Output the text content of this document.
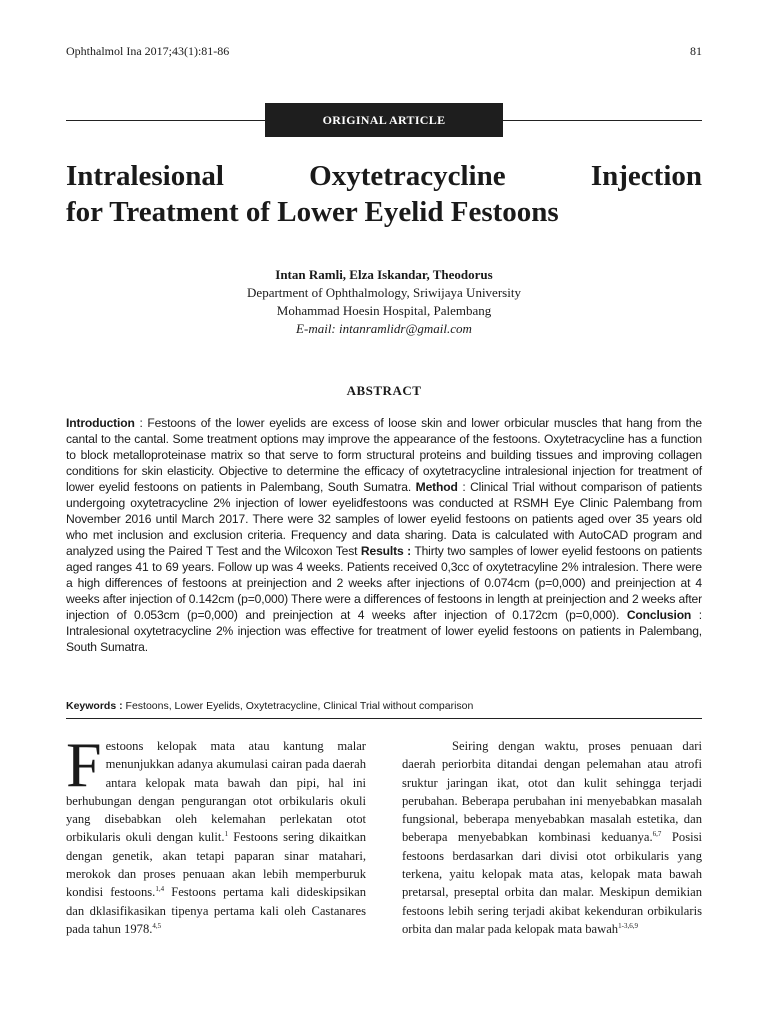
Ophthalmol Ina 2017;43(1):81-86	81
ORIGINAL ARTICLE
Intralesional Oxytetracycline Injection
for Treatment of Lower Eyelid Festoons
Intan Ramli, Elza Iskandar, Theodorus
Department of Ophthalmology, Sriwijaya University
Mohammad Hoesin Hospital, Palembang
E-mail: intanramlidr@gmail.com
ABSTRACT
Introduction : Festoons of the lower eyelids are excess of loose skin and lower orbicular muscles that hang from the cantal to the cantal. Some treatment options may improve the appearance of the festoons. Oxytetracycline has a function to block metalloproteinase matrix so that serve to form structural proteins and building tissues and improving collagen conditions for skin elasticity. Objective to determine the efficacy of oxytetracycline intralesional injection for treatment of lower eyelid festoons on patients in Palembang, South Sumatra. Method : Clinical Trial without comparison of patients undergoing oxytetracycline 2% injection of lower eyelidfestoons was conducted at RSMH Eye Clinic Palembang from November 2016 until March 2017. There were 32 samples of lower eyelid festoons on patients aged over 35 years old who met inclusion and exclusion criteria. Frequency and data sharing. Data is calculated with AutoCAD program and analyzed using the Paired T Test and the Wilcoxon Test Results : Thirty two samples of lower eyelid festoons on patients aged ranges 41 to 69 years. Follow up was 4 weeks. Patients received 0,3cc of oxytetracyline 2% intralesion. There were a high differences of festoons at preinjection and 2 weeks after injections of 0.074cm (p=0,000) and preinjection at 4 weeks after injection of 0.142cm (p=0,000) There were a differences of festoons in length at preinjection and 2 weeks after injection of 0.053cm (p=0,000) and preinjection at 4 weeks after injection of 0.172cm (p=0,000). Conclusion : Intralesional oxytetracycline 2% injection was effective for treatment of lower eyelid festoons on patients in Palembang, South Sumatra.
Keywords : Festoons, Lower Eyelids, Oxytetracycline, Clinical Trial without comparison

Festoons kelopak mata atau kantung malar menunjukkan adanya akumulasi cairan pada daerah antara kelopak mata bawah dan pipi, hal ini berhubungan dengan pengurangan otot orbikularis okuli yang disebabkan oleh kelemahan perlekatan otot orbikularis okuli dengan kulit.$^1$ Festoons sering dikaitkan dengan genetik, akan tetapi paparan sinar matahari, merokok dan proses penuaan akan lebih memperburuk kondisi festoons.$^{1,4}$ Festoons pertama kali dideskipsikan dan dklasifikasikan tipenya pertama kali oleh Castanares pada tahun 1978.$^{4,5}$

Seiring dengan waktu, proses penuaan dari daerah periorbita ditandai dengan pelemahan atau atrofi sruktur jaringan ikat, otot dan kulit sehingga terjadi perubahan. Beberapa perubahan ini menyebabkan masalah fungsional, beberapa menyebabkan masalah estetika, dan beberapa menyebabkan kombinasi keduanya.$^{6,7}$ Posisi festoons berdasarkan dari divisi otot orbikularis yang terkena, yaitu kelopak mata atas, kelopak mata bawah pretarsal, preseptal orbita dan malar. Meskipun demikian festoons lebih sering terjadi akibat kekenduran orbikularis orbita dan malar pada kelopak mata bawah$^{1-3,6,9}$
